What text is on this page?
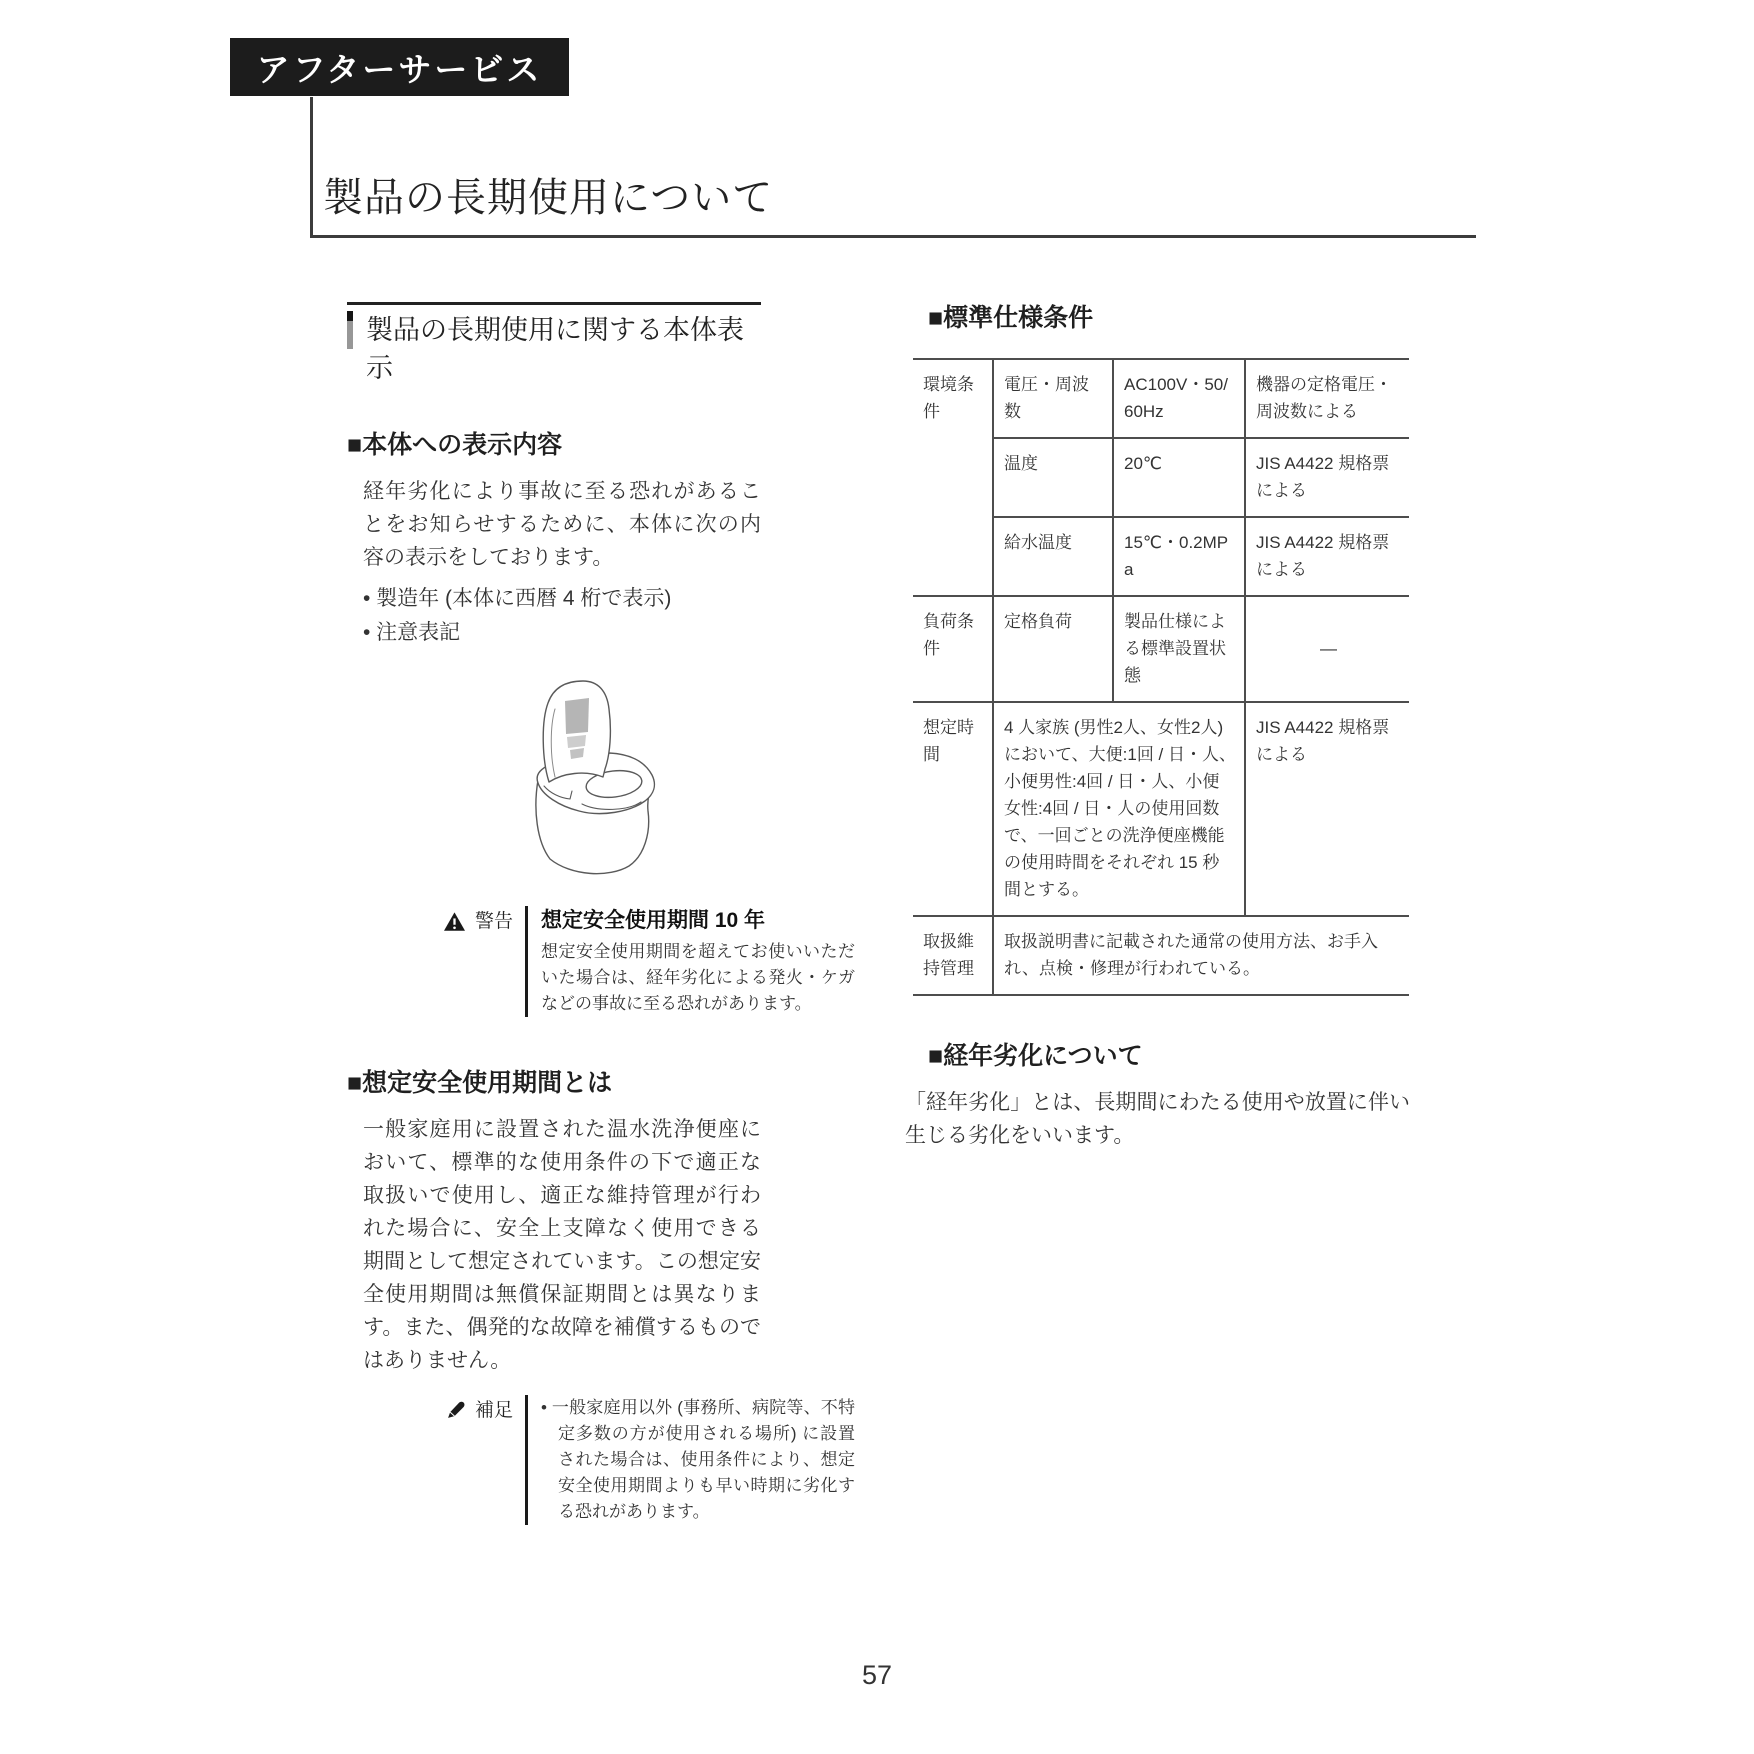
アフターサービス
製品の長期使用について
製品の長期使用に関する本体表示
■本体への表示内容

経年劣化により事故に至る恐れがあることをお知らせするために、本体に次の内容の表示をしております。

• 製造年 (本体に西暦 4 桁で表示)
• 注意表記
警告 想定安全使用期間 10 年
想定安全使用期間を超えてお使いいただいた場合は、経年劣化による発火・ケガなどの事故に至る恐れがあります。
■想定安全使用期間とは

一般家庭用に設置された温水洗浄便座において、標準的な使用条件の下で適正な取扱いで使用し、適正な維持管理が行われた場合に、安全上支障なく使用できる期間として想定されています。この想定安全使用期間は無償保証期間とは異なります。また、偶発的な故障を補償するものではありません。

補足 • 一般家庭用以外 (事務所、病院等、不特定多数の方が使用される場所) に設置された場合は、使用条件により、想定安全使用期間よりも早い時期に劣化する恐れがあります。
■標準仕様条件
環境条件	電圧・周波数	AC100V・50/60Hz	機器の定格電圧・周波数による
	温度	20℃	JIS A4422 規格票による
	給水温度	15℃・0.2MPa	JIS A4422 規格票による
負荷条件	定格負荷	製品仕様による標準設置状態	—
想定時間	4 人家族 (男性2人、女性2人) において、大便:1回 / 日・人、小便男性:4回 / 日・人、小便女性:4回 / 日・人の使用回数で、一回ごとの洗浄便座機能の使用時間をそれぞれ 15 秒間とする。		JIS A4422 規格票による
取扱維持管理	取扱説明書に記載された通常の使用方法、お手入れ、点検・修理が行われている。		
■経年劣化について

「経年劣化」とは、長期間にわたる使用や放置に伴い生じる劣化をいいます。

57
